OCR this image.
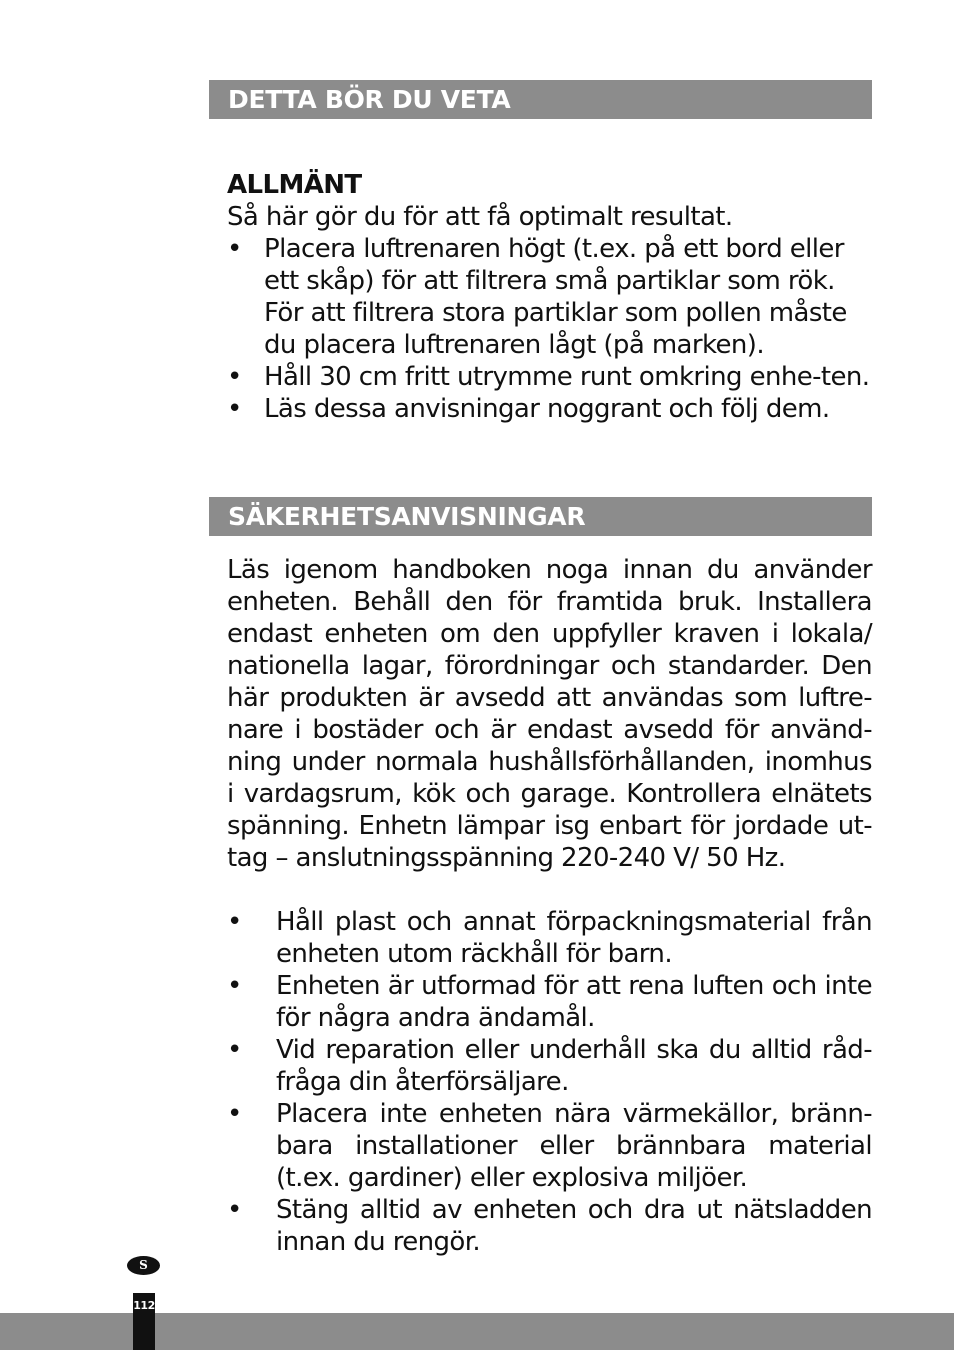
DETTA BÖR DU VETA
ALLMÄNT
Så här gör du för att få optimalt resultat.
• Placera luftrenaren högt (t.ex. på ett bord eller ett skåp) för att filtrera små partiklar som rök. För att filtrera stora partiklar som pollen måste du placera luftrenaren lågt (på marken).
• Håll 30 cm fritt utrymme runt omkring enhe-ten.
• Läs dessa anvisningar noggrant och följ dem.
SÄKERHETSANVISNINGAR
Läs igenom handboken noga innan du använder enheten. Behåll den för framtida bruk. Installera endast enheten om den uppfyller kraven i lokala/ nationella lagar, förordningar och standarder. Den här produkten är avsedd att användas som luftre-nare i bostäder och är endast avsedd för använd-ning under normala hushållsförhållanden, inomhus i vardagsrum, kök och garage. Kontrollera elnätets spänning. Enhetn lämpar isg enbart för jordade ut-tag – anslutningsspänning 220-240 V/ 50 Hz.
• Håll plast och annat förpackningsmaterial från enheten utom räckhåll för barn.
• Enheten är utformad för att rena luften och inte för några andra ändamål.
• Vid reparation eller underhåll ska du alltid råd-fråga din återförsäljare.
• Placera inte enheten nära värmekällor, bränn-bara installationer eller brännbara material (t.ex. gardiner) eller explosiva miljöer.
• Stäng alltid av enheten och dra ut nätsladden innan du rengör.
S
112
